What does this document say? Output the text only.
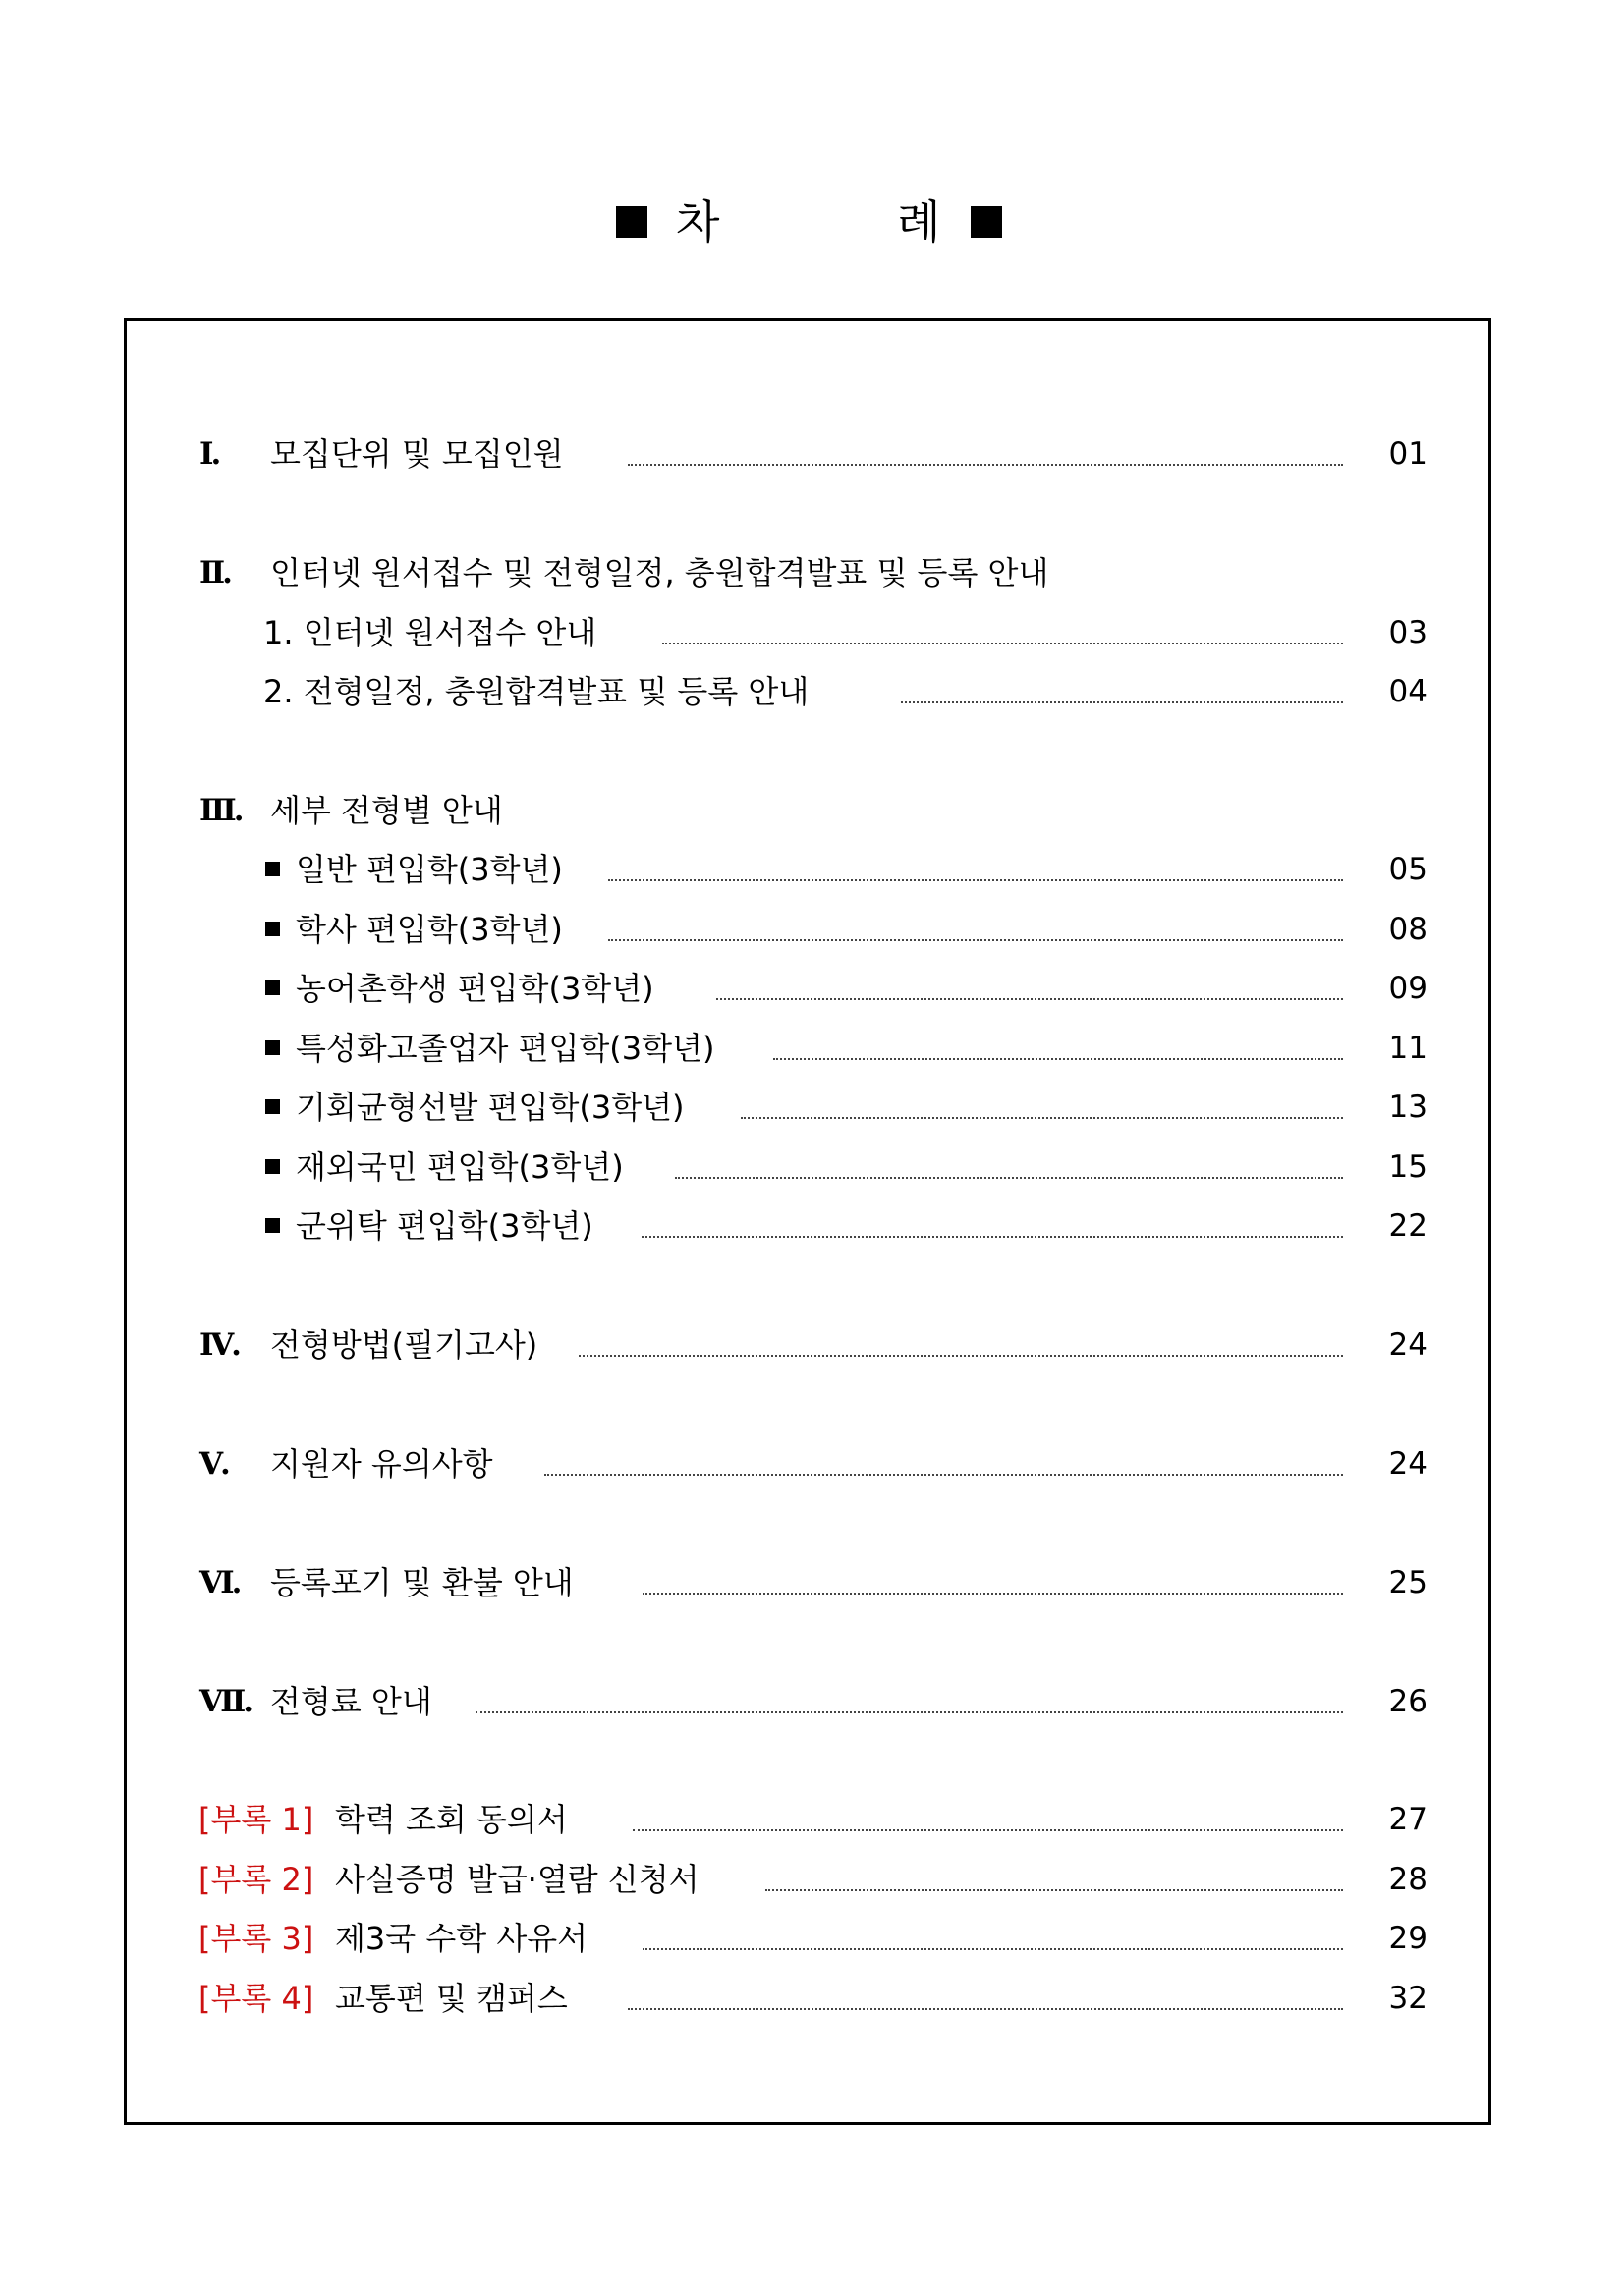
차	례
Ⅰ. 모집단위 및 모집인원	01
Ⅱ. 인터넷 원서접수 및 전형일정, 충원합격발표 및 등록 안내
1. 인터넷 원서접수 안내	03
2. 전형일정, 충원합격발표 및 등록 안내	04
Ⅲ. 세부 전형별 안내
일반 편입학(3학년)	05
학사 편입학(3학년)	08
농어촌학생 편입학(3학년)	09
특성화고졸업자 편입학(3학년)	11
기회균형선발 편입학(3학년)	13
재외국민 편입학(3학년)	15
군위탁 편입학(3학년)	22
Ⅳ. 전형방법(필기고사)	24
Ⅴ. 지원자 유의사항	24
Ⅵ. 등록포기 및 환불 안내	25
Ⅶ. 전형료 안내	26
[부록 1] 학력 조회 동의서	27
[부록 2] 사실증명 발급·열람 신청서	28
[부록 3] 제3국 수학 사유서	29
[부록 4] 교통편 및 캠퍼스	32
